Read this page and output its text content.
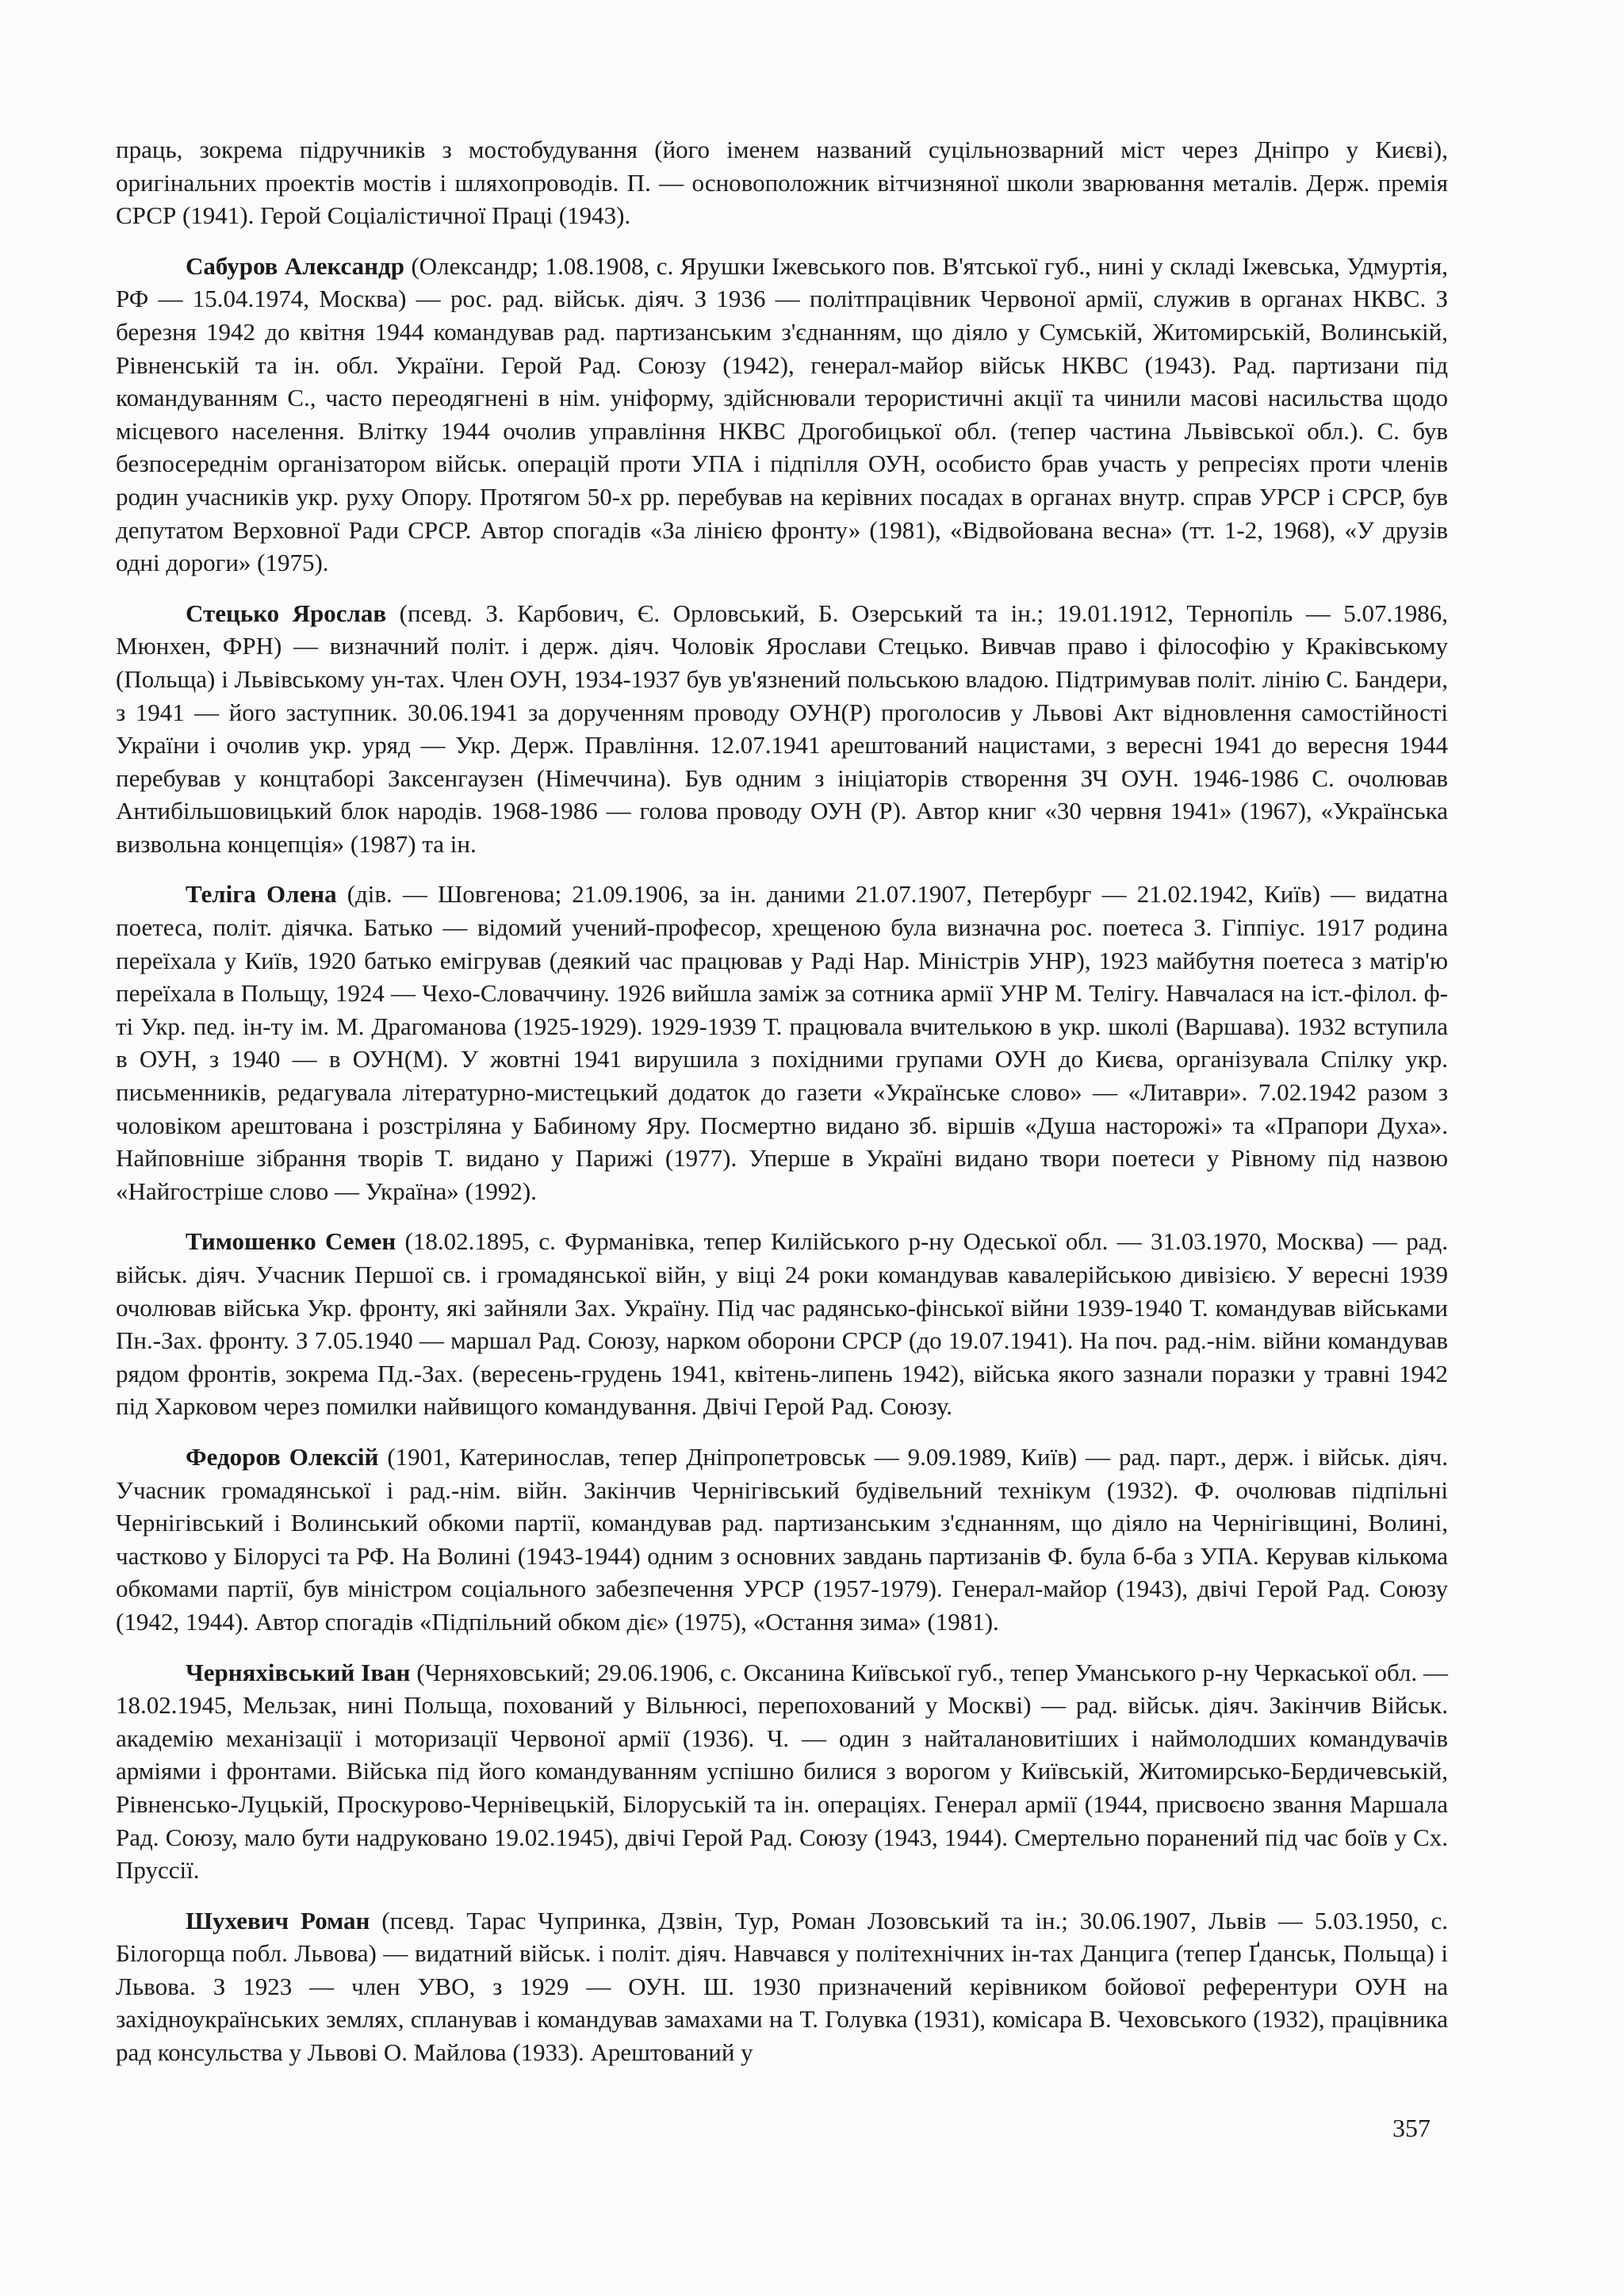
праць, зокрема підручників з мостобудування (його іменем названий суцільнозварний міст через Дніпро у Києві), оригінальних проектів мостів і шляхопроводів. П. — основоположник вітчизняної школи зварювання металів. Держ. премія СРСР (1941). Герой Соціалістичної Праці (1943).

Сабуров Александр (Олександр; 1.08.1908, с. Ярушки Іжевського пов. В'ятської губ., нині у складі Іжевська, Удмуртія, РФ — 15.04.1974, Москва) — рос. рад. військ. діяч. З 1936 — політпрацівник Червоної армії, служив в органах НКВС. З березня 1942 до квітня 1944 командував рад. партизанським з'єднанням, що діяло у Сумській, Житомирській, Волинській, Рівненській та ін. обл. України. Герой Рад. Союзу (1942), генерал-майор військ НКВС (1943). Рад. партизани під командуванням С., часто переодягнені в нім. уніформу, здійснювали терористичні акції та чинили масові насильства щодо місцевого населення. Влітку 1944 очолив управління НКВС Дрогобицької обл. (тепер частина Львівської обл.). С. був безпосереднім організатором військ. операцій проти УПА і підпілля ОУН, особисто брав участь у репресіях проти членів родин учасників укр. руху Опору. Протягом 50-х рр. перебував на керівних посадах в органах внутр. справ УРСР і СРСР, був депутатом Верховної Ради СРСР. Автор спогадів «За лінією фронту» (1981), «Відвойована весна» (тт. 1-2, 1968), «У друзів одні дороги» (1975).

Стецько Ярослав (псевд. З. Карбович, Є. Орловський, Б. Озерський та ін.; 19.01.1912, Тернопіль — 5.07.1986, Мюнхен, ФРН) — визначний політ. і держ. діяч. Чоловік Ярослави Стецько. Вивчав право і філософію у Краківському (Польща) і Львівському ун-тах. Член ОУН, 1934-1937 був ув'язнений польською владою. Підтримував політ. лінію С. Бандери, з 1941 — його заступник. 30.06.1941 за дорученням проводу ОУН(Р) проголосив у Львові Акт відновлення самостійності України і очолив укр. уряд — Укр. Держ. Правління. 12.07.1941 арештований нацистами, з вересні 1941 до вересня 1944 перебував у концтаборі Заксенгаузен (Німеччина). Був одним з ініціаторів створення ЗЧ ОУН. 1946-1986 С. очолював Антибільшовицький блок народів. 1968-1986 — голова проводу ОУН (Р). Автор книг «30 червня 1941» (1967), «Українська визвольна концепція» (1987) та ін.

Теліга Олена (дів. — Шовгенова; 21.09.1906, за ін. даними 21.07.1907, Петербург — 21.02.1942, Київ) — видатна поетеса, політ. діячка. Батько — відомий учений-професор, хрещеною була визначна рос. поетеса З. Гіппіус. 1917 родина переїхала у Київ, 1920 батько емігрував (деякий час працював у Раді Нар. Міністрів УНР), 1923 майбутня поетеса з матір'ю переїхала в Польщу, 1924 — Чехо-Словаччину. 1926 вийшла заміж за сотника армії УНР М. Телігу. Навчалася на іст.-філол. ф-ті Укр. пед. ін-ту ім. М. Драгоманова (1925-1929). 1929-1939 Т. працювала вчителькою в укр. школі (Варшава). 1932 вступила в ОУН, з 1940 — в ОУН(М). У жовтні 1941 вирушила з похідними групами ОУН до Києва, організувала Спілку укр. письменників, редагувала літературно-мистецький додаток до газети «Українське слово» — «Литаври». 7.02.1942 разом з чоловіком арештована і розстріляна у Бабиному Яру. Посмертно видано зб. віршів «Душа насторожі» та «Прапори Духа». Найповніше зібрання творів Т. видано у Парижі (1977). Уперше в Україні видано твори поетеси у Рівному під назвою «Найгостріше слово — Україна» (1992).

Тимошенко Семен (18.02.1895, с. Фурманівка, тепер Килійського р-ну Одеської обл. — 31.03.1970, Москва) — рад. військ. діяч. Учасник Першої св. і громадянської війн, у віці 24 роки командував кавалерійською дивізією. У вересні 1939 очолював війська Укр. фронту, які зайняли Зах. Україну. Під час радянсько-фінської війни 1939-1940 Т. командував військами Пн.-Зах. фронту. З 7.05.1940 — маршал Рад. Союзу, нарком оборони СРСР (до 19.07.1941). На поч. рад.-нім. війни командував рядом фронтів, зокрема Пд.-Зах. (вересень-грудень 1941, квітень-липень 1942), війська якого зазнали поразки у травні 1942 під Харковом через помилки найвищого командування. Двічі Герой Рад. Союзу.

Федоров Олексій (1901, Катеринослав, тепер Дніпропетровськ — 9.09.1989, Київ) — рад. парт., держ. і військ. діяч. Учасник громадянської і рад.-нім. війн. Закінчив Чернігівський будівельний технікум (1932). Ф. очолював підпільні Чернігівський і Волинський обкоми партії, командував рад. партизанським з'єднанням, що діяло на Чернігівщині, Волині, частково у Білорусі та РФ. На Волині (1943-1944) одним з основних завдань партизанів Ф. була б-ба з УПА. Керував кількома обкомами партії, був міністром соціального забезпечення УРСР (1957-1979). Генерал-майор (1943), двічі Герой Рад. Союзу (1942, 1944). Автор спогадів «Підпільний обком діє» (1975), «Остання зима» (1981).

Черняхівський Іван (Черняховський; 29.06.1906, с. Оксанина Київської губ., тепер Уманського р-ну Черкаської обл. — 18.02.1945, Мельзак, нині Польща, похований у Вільнюсі, перепохований у Москві) — рад. військ. діяч. Закінчив Військ. академію механізації і моторизації Червоної армії (1936). Ч. — один з найталановитіших і наймолодших командувачів арміями і фронтами. Війська під його командуванням успішно билися з ворогом у Київській, Житомирсько-Бердичевській, Рівненсько-Луцькій, Проскурово-Чернівецькій, Білоруській та ін. операціях. Генерал армії (1944, присвоєно звання Маршала Рад. Союзу, мало бути надруковано 19.02.1945), двічі Герой Рад. Союзу (1943, 1944). Смертельно поранений під час боїв у Сх. Пруссії.

Шухевич Роман (псевд. Тарас Чупринка, Дзвін, Тур, Роман Лозовський та ін.; 30.06.1907, Львів — 5.03.1950, с. Білогорща побл. Львова) — видатний військ. і політ. діяч. Навчався у політехнічних ін-тах Данцига (тепер Ґданськ, Польща) і Львова. З 1923 — член УВО, з 1929 — ОУН. Ш. 1930 призначений керівником бойової референтури ОУН на західноукраїнських землях, спланував і командував замахами на Т. Голувка (1931), комісара В. Чеховського (1932), працівника рад консульства у Львові О. Майлова (1933). Арештований у

357
